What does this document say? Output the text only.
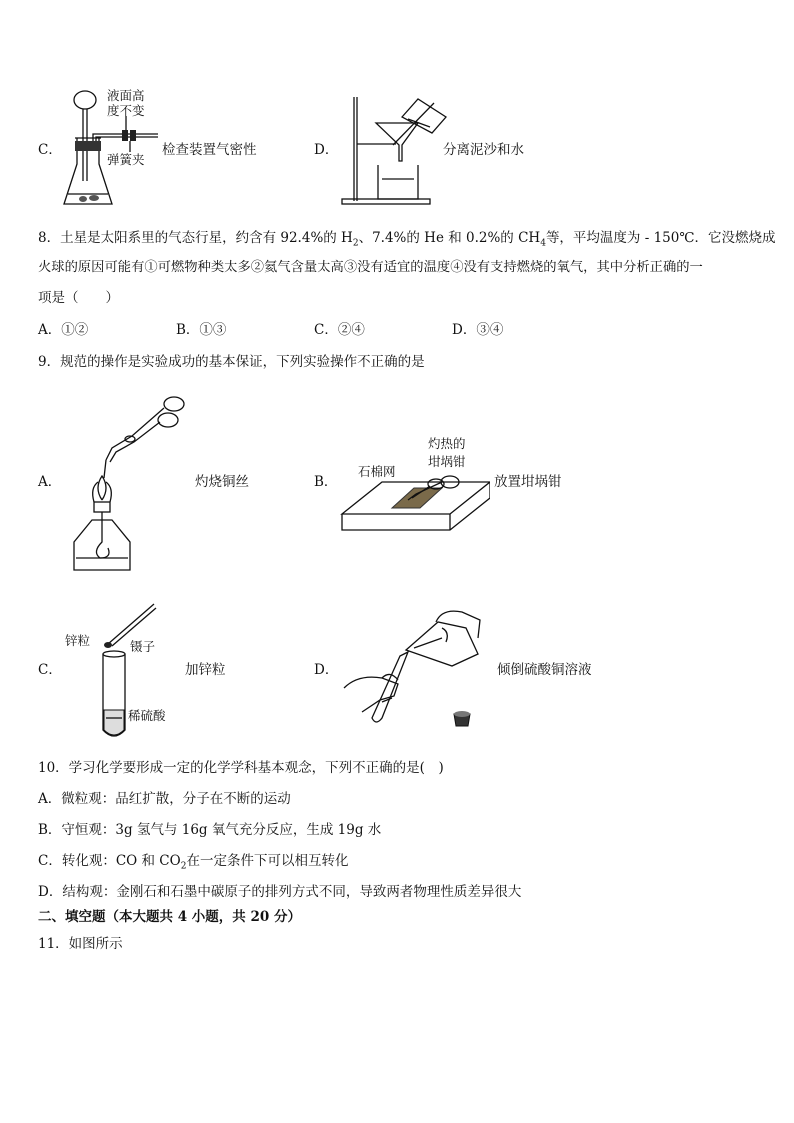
C．
液面高
度不变
弹簧夹
检查装置气密性	D．	分离泥沙和水
8．土星是太阳系里的气态行星，约含有 92.4%的 $H_2$、7.4%的 He 和 0.2%的 $CH_4$等，平均温度为 - 150℃．它没燃烧成
火球的原因可能有①可燃物种类太多②氦气含量太高③没有适宜的温度④没有支持燃烧的氧气，其中分析正确的一
项是（　　）
A．①②	B．①③	C．②④	D．③④
9．规范的操作是实验成功的基本保证，下列实验操作不正确的是
A．	灼烧铜丝	B．
石棉网
灼热的
坩埚钳
放置坩埚钳
C．
锌粒	镊子
稀硫酸
加锌粒	D．	倾倒硫酸铜溶液
10．学习化学要形成一定的化学学科基本观念，下列不正确的是(　)
A．微粒观：品红扩散，分子在不断的运动
B．守恒观：3g 氢气与 16g 氧气充分反应，生成 19g 水
C．转化观：CO 和 $CO_2$在一定条件下可以相互转化
D．结构观：金刚石和石墨中碳原子的排列方式不同，导致两者物理性质差异很大
二、填空题（本大题共 4 小题，共 20 分）
11．如图所示
